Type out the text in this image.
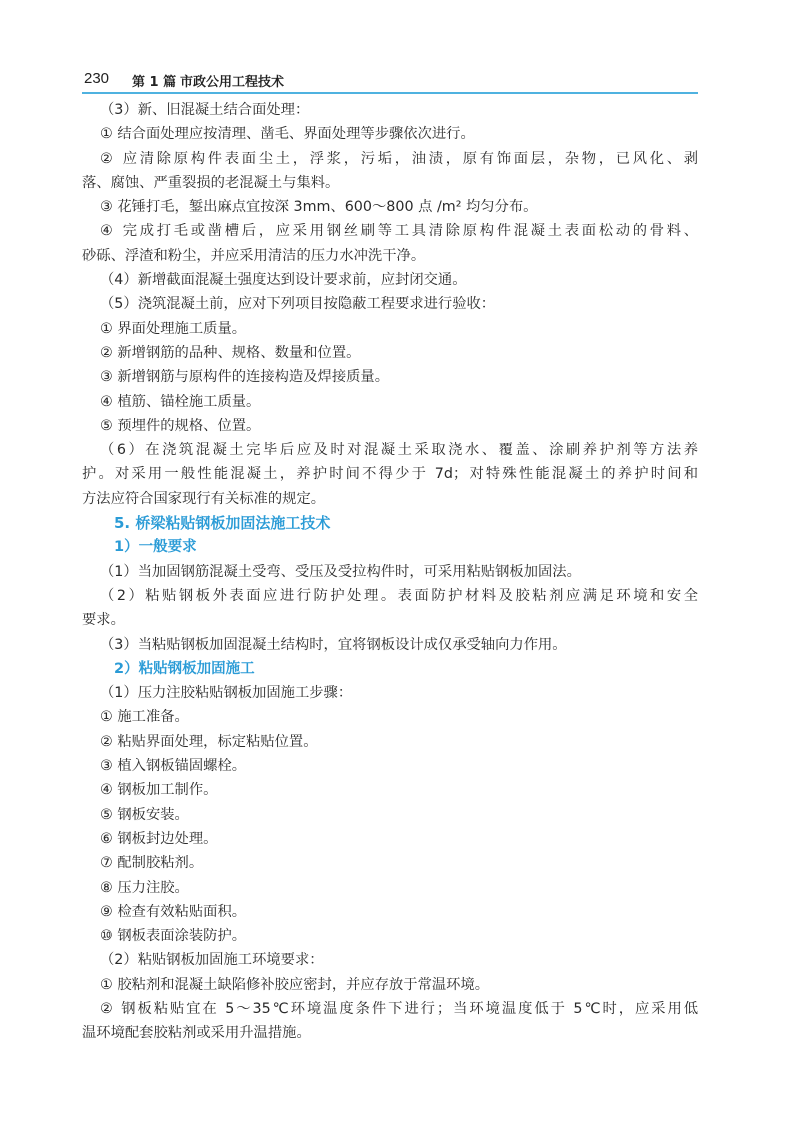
230 第 1 篇 市政公用工程技术
（3）新、旧混凝土结合面处理：
① 结合面处理应按清理、凿毛、界面处理等步骤依次进行。
② 应清除原构件表面尘土，浮浆，污垢，油渍，原有饰面层，杂物，已风化、剥
落、腐蚀、严重裂损的老混凝土与集料。
③ 花锤打毛，錾出麻点宜按深 3mm、600～800 点 /m² 均匀分布。
④ 完成打毛或凿槽后，应采用钢丝刷等工具清除原构件混凝土表面松动的骨料、
砂砾、浮渣和粉尘，并应采用清洁的压力水冲洗干净。
（4）新增截面混凝土强度达到设计要求前，应封闭交通。
（5）浇筑混凝土前，应对下列项目按隐蔽工程要求进行验收：
① 界面处理施工质量。
② 新增钢筋的品种、规格、数量和位置。
③ 新增钢筋与原构件的连接构造及焊接质量。
④ 植筋、锚栓施工质量。
⑤ 预埋件的规格、位置。
（6）在浇筑混凝土完毕后应及时对混凝土采取浇水、覆盖、涂刷养护剂等方法养
护。对采用一般性能混凝土，养护时间不得少于 7d；对特殊性能混凝土的养护时间和
方法应符合国家现行有关标准的规定。
5. 桥梁粘贴钢板加固法施工技术
1）一般要求
（1）当加固钢筋混凝土受弯、受压及受拉构件时，可采用粘贴钢板加固法。
（2）粘贴钢板外表面应进行防护处理。表面防护材料及胶粘剂应满足环境和安全
要求。
（3）当粘贴钢板加固混凝土结构时，宜将钢板设计成仅承受轴向力作用。
2）粘贴钢板加固施工
（1）压力注胶粘贴钢板加固施工步骤：
① 施工准备。
② 粘贴界面处理，标定粘贴位置。
③ 植入钢板锚固螺栓。
④ 钢板加工制作。
⑤ 钢板安装。
⑥ 钢板封边处理。
⑦ 配制胶粘剂。
⑧ 压力注胶。
⑨ 检查有效粘贴面积。
⑩ 钢板表面涂装防护。
（2）粘贴钢板加固施工环境要求：
① 胶粘剂和混凝土缺陷修补胶应密封，并应存放于常温环境。
② 钢板粘贴宜在 5～35℃环境温度条件下进行；当环境温度低于 5℃时，应采用低
温环境配套胶粘剂或采用升温措施。
